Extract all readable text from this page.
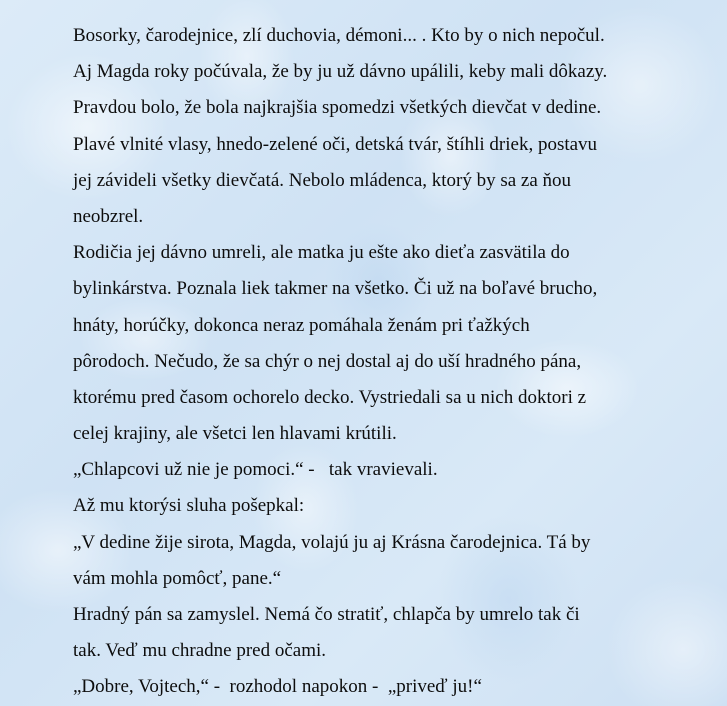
Bosorky, čarodejnice, zlí duchovia, démoni... . Kto by o nich nepočul.
Aj Magda roky počúvala, že by ju už dávno upálili, keby mali dôkazy.
Pravdou bolo, že bola najkrajšia spomedzi všetkých dievčat v dedine.
Plavé vlnité vlasy, hnedo-zelené oči, detská tvár, štíhli driek, postavu
jej závideli všetky dievčatá. Nebolo mládenca, ktorý by sa za ňou
neobzrel.
Rodičia jej dávno umreli, ale matka ju ešte ako dieťa zasvätila do
bylinkárstva. Poznala liek takmer na všetko. Či už na boľavé brucho,
hnáty, horúčky, dokonca neraz pomáhala ženám pri ťažkých
pôrodoch. Nečudo, že sa chýr o nej dostal aj do uší hradného pána,
ktorému pred časom ochorelo decko. Vystriedali sa u nich doktori z
celej krajiny, ale všetci len hlavami krútili.
„Chlapcovi už nie je pomoci.“ -   tak vravievali.
Až mu ktorýsi sluha pošepkal:
„V dedine žije sirota, Magda, volajú ju aj Krásna čarodejnica. Tá by
vám mohla pomôcť, pane.“
Hradný pán sa zamyslel. Nemá čo stratiť, chlapča by umrelo tak či
tak. Veď mu chradne pred očami.
„Dobre, Vojtech,“ -  rozhodol napokon -  „priveď ju!“
